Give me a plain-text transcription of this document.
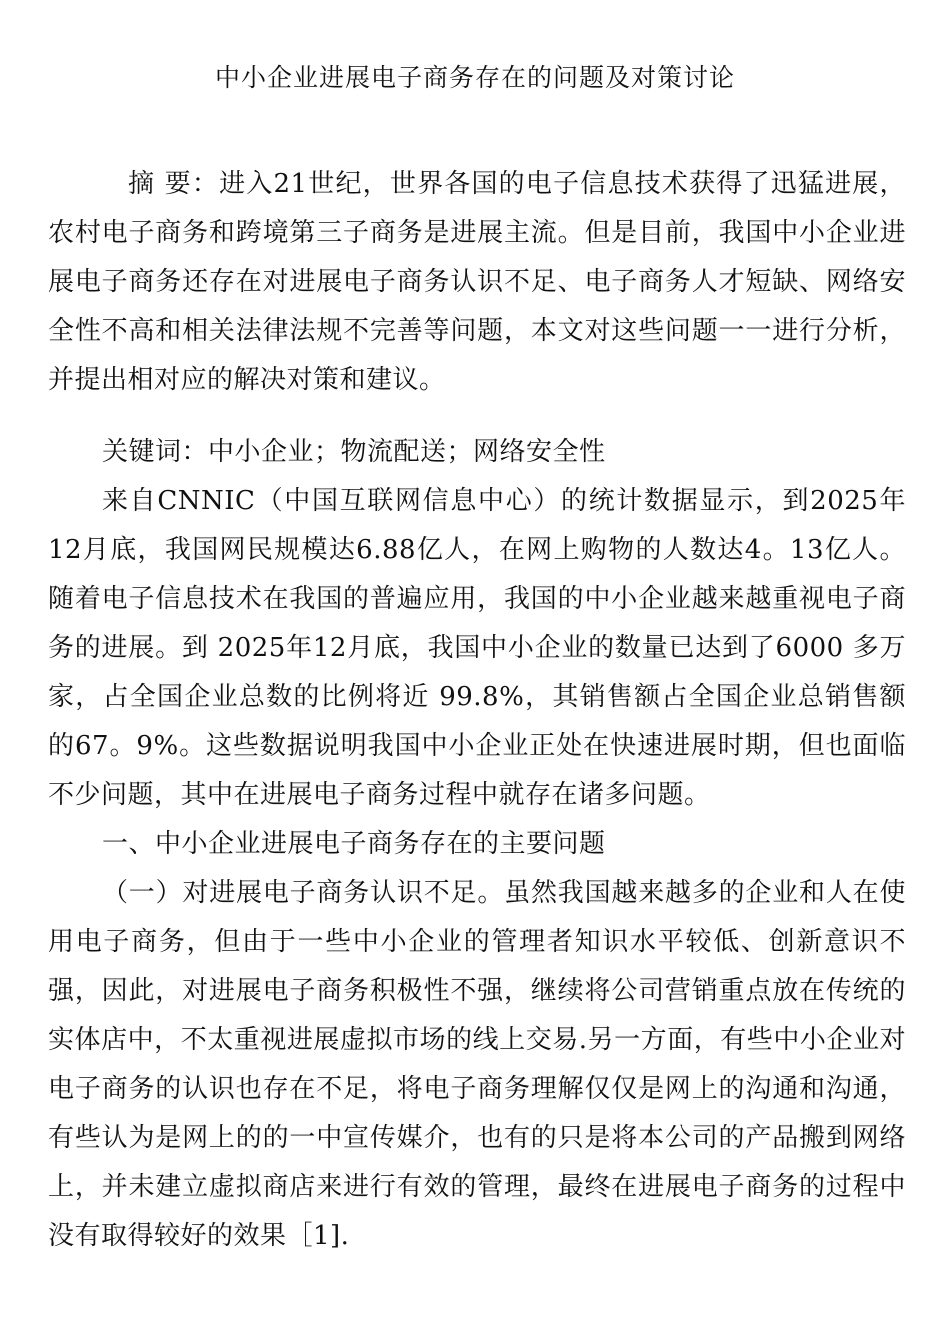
中小企业进展电子商务存在的问题及对策讨论

摘 要：进入21世纪，世界各国的电子信息技术获得了迅猛进展，农村电子商务和跨境第三子商务是进展主流。但是目前，我国中小企业进展电子商务还存在对进展电子商务认识不足、电子商务人才短缺、网络安全性不高和相关法律法规不完善等问题，本文对这些问题一一进行分析，并提出相对应的解决对策和建议。

关键词：中小企业；物流配送；网络安全性

来自CNNIC（中国互联网信息中心）的统计数据显示，到2025年12月底，我国网民规模达6.88亿人，在网上购物的人数达4。13亿人。随着电子信息技术在我国的普遍应用，我国的中小企业越来越重视电子商务的进展。到 2025年12月底，我国中小企业的数量已达到了6000 多万家，占全国企业总数的比例将近 99.8%，其销售额占全国企业总销售额的67。9%。这些数据说明我国中小企业正处在快速进展时期，但也面临不少问题，其中在进展电子商务过程中就存在诸多问题。

一、中小企业进展电子商务存在的主要问题

（一）对进展电子商务认识不足。虽然我国越来越多的企业和人在使用电子商务，但由于一些中小企业的管理者知识水平较低、创新意识不强，因此，对进展电子商务积极性不强，继续将公司营销重点放在传统的实体店中，不太重视进展虚拟市场的线上交易.另一方面，有些中小企业对电子商务的认识也存在不足，将电子商务理解仅仅是网上的沟通和沟通，有些认为是网上的的一中宣传媒介，也有的只是将本公司的产品搬到网络上，并未建立虚拟商店来进行有效的管理，最终在进展电子商务的过程中没有取得较好的效果［1].
